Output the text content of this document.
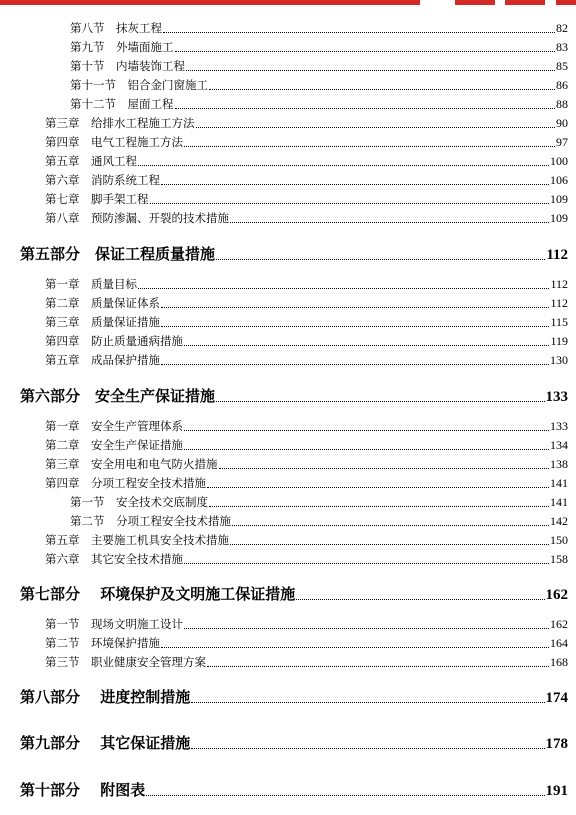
第八节　抹灰工程	82
第九节　外墙面施工	83
第十节　内墙装饰工程	85
第十一节　铝合金门窗施工	86
第十二节　屋面工程	88
第三章　给排水工程施工方法	90
第四章　电气工程施工方法	97
第五章　通风工程	100
第六章　消防系统工程	106
第七章　脚手架工程	109
第八章　预防渗漏、开裂的技术措施	109
第五部分　保证工程质量措施	112
第一章　质量目标	112
第二章　质量保证体系	112
第三章　质量保证措施	115
第四章　防止质量通病措施	119
第五章　成品保护措施	130
第六部分　安全生产保证措施	133
第一章　安全生产管理体系	133
第二章　安全生产保证措施	134
第三章　安全用电和电气防火措施	138
第四章　分项工程安全技术措施	141
第一节　安全技术交底制度	141
第二节　分项工程安全技术措施	142
第五章　主要施工机具安全技术措施	150
第六章　其它安全技术措施	158
第七部分　 环境保护及文明施工保证措施	162
第一节　现场文明施工设计	162
第二节　环境保护措施	164
第三节　职业健康安全管理方案	168
第八部分　 进度控制措施	174
第九部分　 其它保证措施	178
第十部分　 附图表	191
